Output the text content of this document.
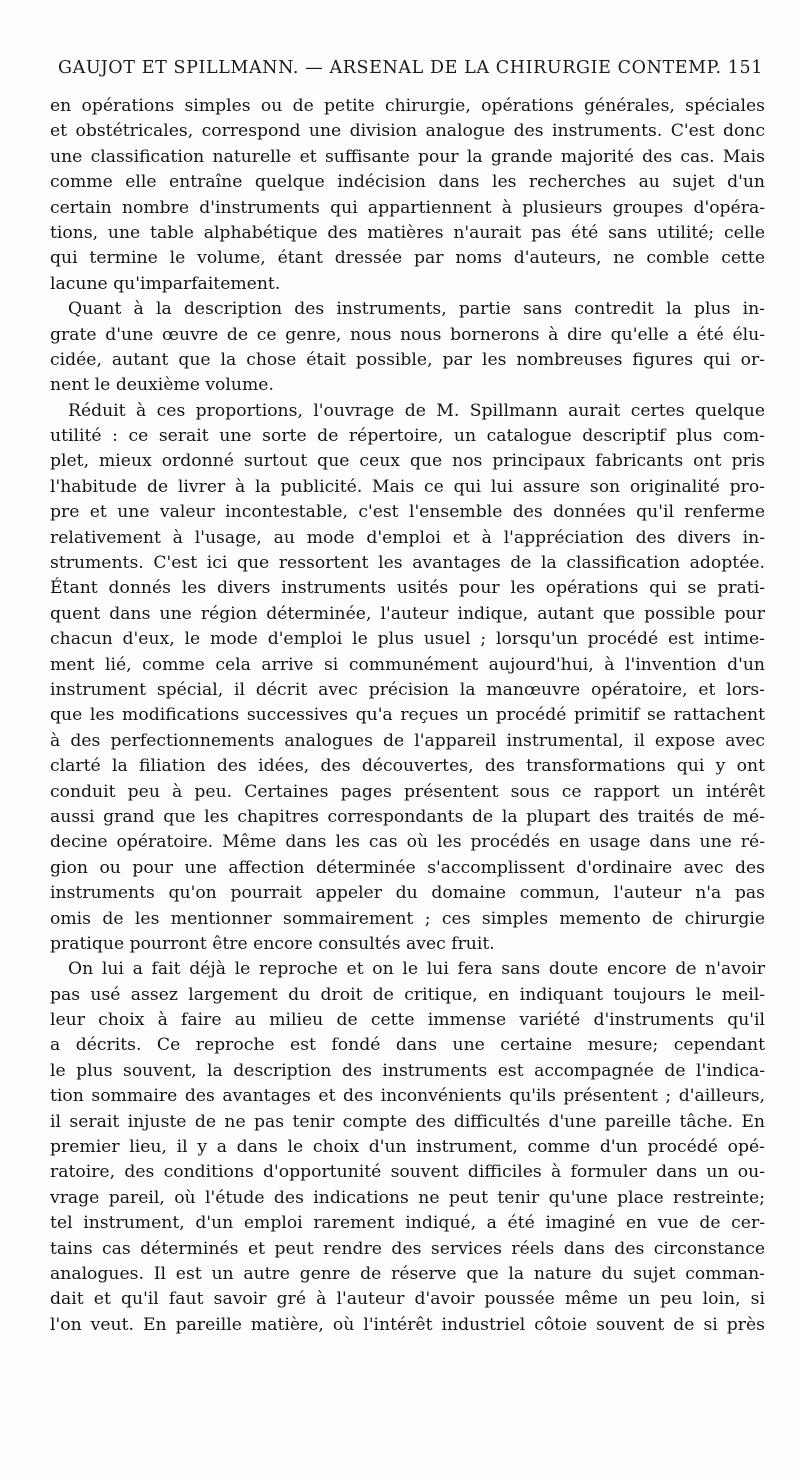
GAUJOT ET SPILLMANN. — ARSENAL DE LA CHIRURGIE CONTEMP. 151
en opérations simples ou de petite chirurgie, opérations générales, spéciales
et obstétricales, correspond une division analogue des instruments. C'est donc
une classification naturelle et suffisante pour la grande majorité des cas. Mais
comme elle entraîne quelque indécision dans les recherches au sujet d'un
certain nombre d'instruments qui appartiennent à plusieurs groupes d'opéra-
tions, une table alphabétique des matières n'aurait pas été sans utilité; celle
qui termine le volume, étant dressée par noms d'auteurs, ne comble cette
lacune qu'imparfaitement.
Quant à la description des instruments, partie sans contredit la plus in-
grate d'une œuvre de ce genre, nous nous bornerons à dire qu'elle a été élu-
cidée, autant que la chose était possible, par les nombreuses figures qui or-
nent le deuxième volume.
Réduit à ces proportions, l'ouvrage de M. Spillmann aurait certes quelque
utilité : ce serait une sorte de répertoire, un catalogue descriptif plus com-
plet, mieux ordonné surtout que ceux que nos principaux fabricants ont pris
l'habitude de livrer à la publicité. Mais ce qui lui assure son originalité pro-
pre et une valeur incontestable, c'est l'ensemble des données qu'il renferme
relativement à l'usage, au mode d'emploi et à l'appréciation des divers in-
struments. C'est ici que ressortent les avantages de la classification adoptée.
Étant donnés les divers instruments usités pour les opérations qui se prati-
quent dans une région déterminée, l'auteur indique, autant que possible pour
chacun d'eux, le mode d'emploi le plus usuel ; lorsqu'un procédé est intime-
ment lié, comme cela arrive si communément aujourd'hui, à l'invention d'un
instrument spécial, il décrit avec précision la manœuvre opératoire, et lors-
que les modifications successives qu'a reçues un procédé primitif se rattachent
à des perfectionnements analogues de l'appareil instrumental, il expose avec
clarté la filiation des idées, des découvertes, des transformations qui y ont
conduit peu à peu. Certaines pages présentent sous ce rapport un intérêt
aussi grand que les chapitres correspondants de la plupart des traités de mé-
decine opératoire. Même dans les cas où les procédés en usage dans une ré-
gion ou pour une affection déterminée s'accomplissent d'ordinaire avec des
instruments qu'on pourrait appeler du domaine commun, l'auteur n'a pas
omis de les mentionner sommairement ; ces simples memento de chirurgie
pratique pourront être encore consultés avec fruit.
On lui a fait déjà le reproche et on le lui fera sans doute encore de n'avoir
pas usé assez largement du droit de critique, en indiquant toujours le meil-
leur choix à faire au milieu de cette immense variété d'instruments qu'il
a décrits. Ce reproche est fondé dans une certaine mesure; cependant
le plus souvent, la description des instruments est accompagnée de l'indica-
tion sommaire des avantages et des inconvénients qu'ils présentent ; d'ailleurs,
il serait injuste de ne pas tenir compte des difficultés d'une pareille tâche. En
premier lieu, il y a dans le choix d'un instrument, comme d'un procédé opé-
ratoire, des conditions d'opportunité souvent difficiles à formuler dans un ou-
vrage pareil, où l'étude des indications ne peut tenir qu'une place restreinte;
tel instrument, d'un emploi rarement indiqué, a été imaginé en vue de cer-
tains cas déterminés et peut rendre des services réels dans des circonstance
analogues. Il est un autre genre de réserve que la nature du sujet comman-
dait et qu'il faut savoir gré à l'auteur d'avoir poussée même un peu loin, si
l'on veut. En pareille matière, où l'intérêt industriel côtoie souvent de si près
